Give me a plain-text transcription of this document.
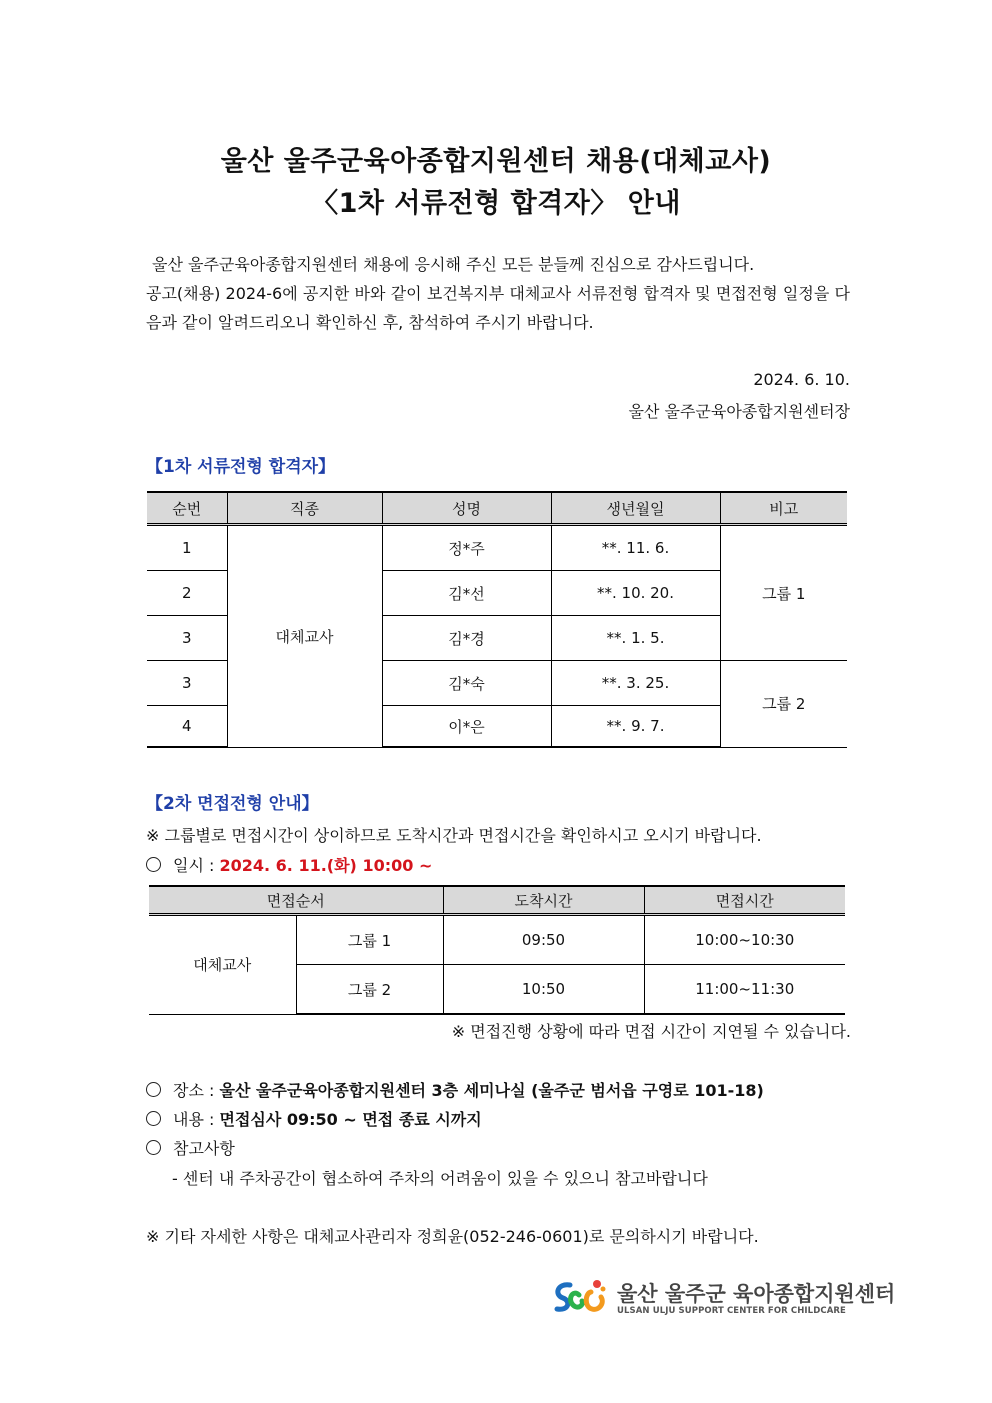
울산 울주군육아종합지원센터 채용(대체교사)
〈1차 서류전형 합격자〉 안내

울산 울주군육아종합지원센터 채용에 응시해 주신 모든 분들께 진심으로 감사드립니다.

공고(채용) 2024-6에 공지한 바와 같이 보건복지부 대체교사 서류전형 합격자 및 면접전형 일정을 다음과 같이 알려드리오니 확인하신 후, 참석하여 주시기 바랍니다.

2024. 6. 10.
울산 울주군육아종합지원센터장
【1차 서류전형 합격자】
순번	직종	성명	생년월일	비고
1	대체교사	정*주	**. 11. 6.	그룹 1
2		김*선	**. 10. 20.	
3		김*경	**. 1. 5.	
3		김*숙	**. 3. 25.	그룹 2
4		이*은	**. 9. 7.	
【2차 면접전형 안내】
※ 그룹별로 면접시간이 상이하므로 도착시간과 면접시간을 확인하시고 오시기 바랍니다.
일시 : 2024. 6. 11.(화) 10:00 ~
면접순서		도착시간	면접시간
대체교사	그룹 1	09:50	10:00~10:30
	그룹 2	10:50	11:00~11:30
※ 면접진행 상황에 따라 면접 시간이 지연될 수 있습니다.
장소 : 울산 울주군육아종합지원센터 3층 세미나실 (울주군 범서읍 구영로 101-18)
내용 : 면접심사 09:50 ~ 면접 종료 시까지
참고사항
- 센터 내 주차공간이 협소하여 주차의 어려움이 있을 수 있으니 참고바랍니다
※ 기타 자세한 사항은 대체교사관리자 정희윤(052-246-0601)로 문의하시기 바랍니다.
울산 울주군 육아종합지원센터
ULSAN ULJU SUPPORT CENTER FOR CHILDCARE
